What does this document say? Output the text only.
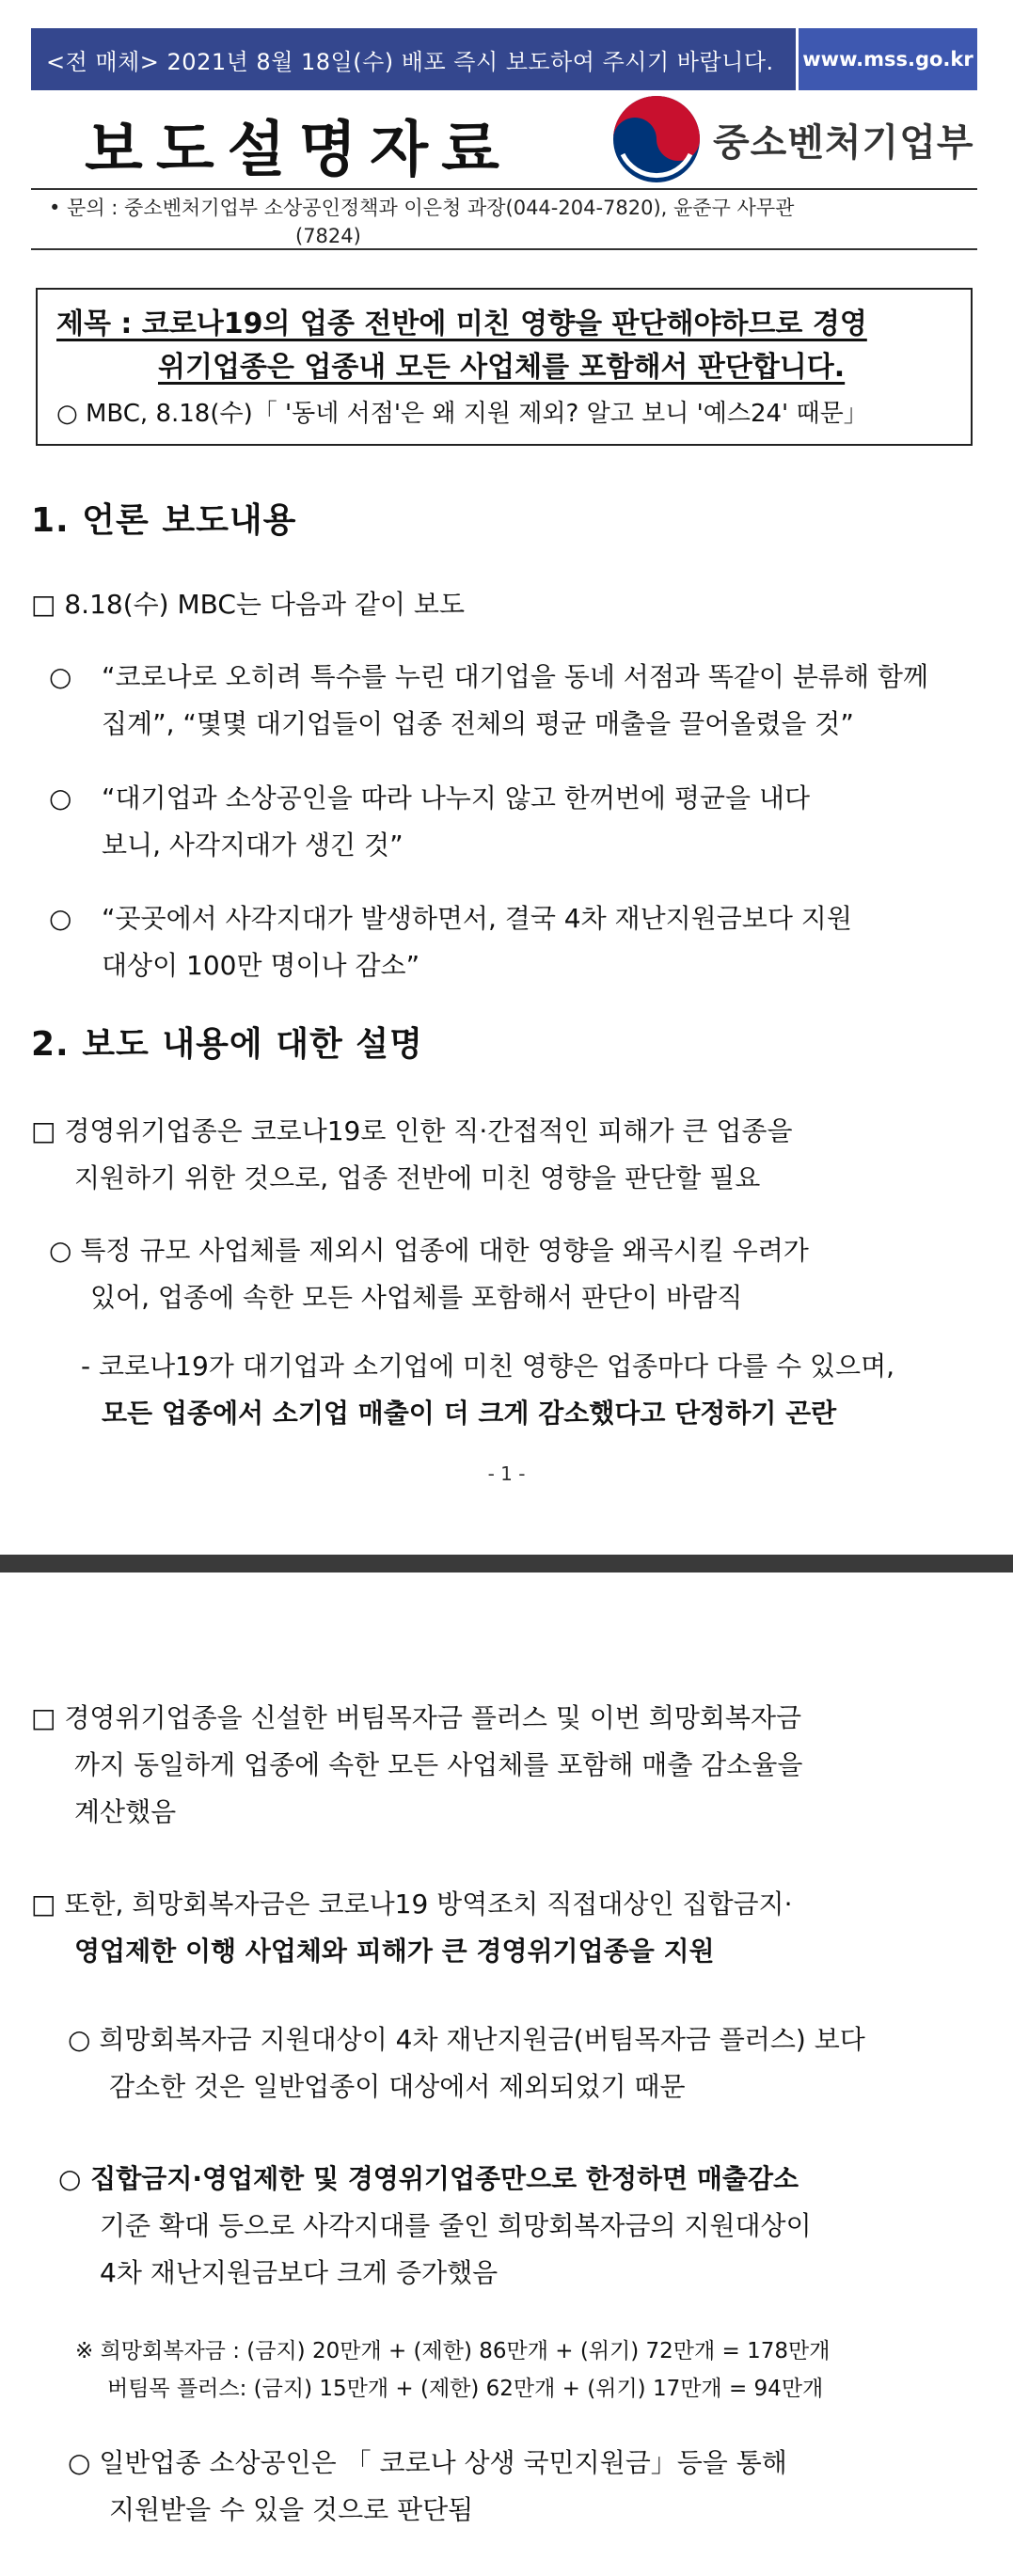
<전 매체> 2021년 8월 18일(수) 배포 즉시 보도하여 주시기 바랍니다.	www.mss.go.kr
보도설명자료	중소벤처기업부
• 문의 : 중소벤처기업부 소상공인정책과 이은청 과장(044-204-7820), 윤준구 사무관
(7824)
제목 : 코로나19의 업종 전반에 미친 영향을 판단해야하므로 경영
위기업종은 업종내 모든 사업체를 포함해서 판단합니다.
○ MBC, 8.18(수)「 '동네 서점'은 왜 지원 제외? 알고 보니 '예스24' 때문」
1. 언론 보도내용
□ 8.18(수) MBC는 다음과 같이 보도
○ “코로나로 오히려 특수를 누린 대기업을 동네 서점과 똑같이 분류해 함께
집계”, “몇몇 대기업들이 업종 전체의 평균 매출을 끌어올렸을 것”
○ “대기업과 소상공인을 따라 나누지 않고 한꺼번에 평균을 내다
보니, 사각지대가 생긴 것”
○ “곳곳에서 사각지대가 발생하면서, 결국 4차 재난지원금보다 지원
대상이 100만 명이나 감소”
2. 보도 내용에 대한 설명
□ 경영위기업종은 코로나19로 인한 직·간접적인 피해가 큰 업종을
지원하기 위한 것으로, 업종 전반에 미친 영향을 판단할 필요
○ 특정 규모 사업체를 제외시 업종에 대한 영향을 왜곡시킬 우려가
있어, 업종에 속한 모든 사업체를 포함해서 판단이 바람직
- 코로나19가 대기업과 소기업에 미친 영향은 업종마다 다를 수 있으며,
모든 업종에서 소기업 매출이 더 크게 감소했다고 단정하기 곤란
- 1 -
□ 경영위기업종을 신설한 버팀목자금 플러스 및 이번 희망회복자금
까지 동일하게 업종에 속한 모든 사업체를 포함해 매출 감소율을
계산했음
□ 또한, 희망회복자금은 코로나19 방역조치 직접대상인 집합금지·
영업제한 이행 사업체와 피해가 큰 경영위기업종을 지원
○ 희망회복자금 지원대상이 4차 재난지원금(버팀목자금 플러스) 보다
감소한 것은 일반업종이 대상에서 제외되었기 때문
○ 집합금지·영업제한 및 경영위기업종만으로 한정하면 매출감소
기준 확대 등으로 사각지대를 줄인 희망회복자금의 지원대상이
4차 재난지원금보다 크게 증가했음
※ 희망회복자금 : (금지) 20만개 + (제한) 86만개 + (위기) 72만개 = 178만개
버팀목 플러스: (금지) 15만개 + (제한) 62만개 + (위기) 17만개 = 94만개
○ 일반업종 소상공인은 「 코로나 상생 국민지원금」등을 통해
지원받을 수 있을 것으로 판단됨
